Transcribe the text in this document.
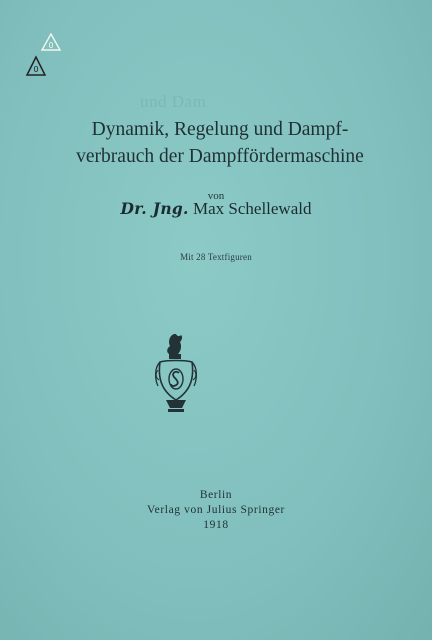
0
0
und Dam
Dynamik, Regelung und Dampf-
verbrauch der Dampffördermaschine
von
Dr. Jng. Max Schellewald
Mit 28 Textfiguren
Berlin
Verlag von Julius Springer
1918
